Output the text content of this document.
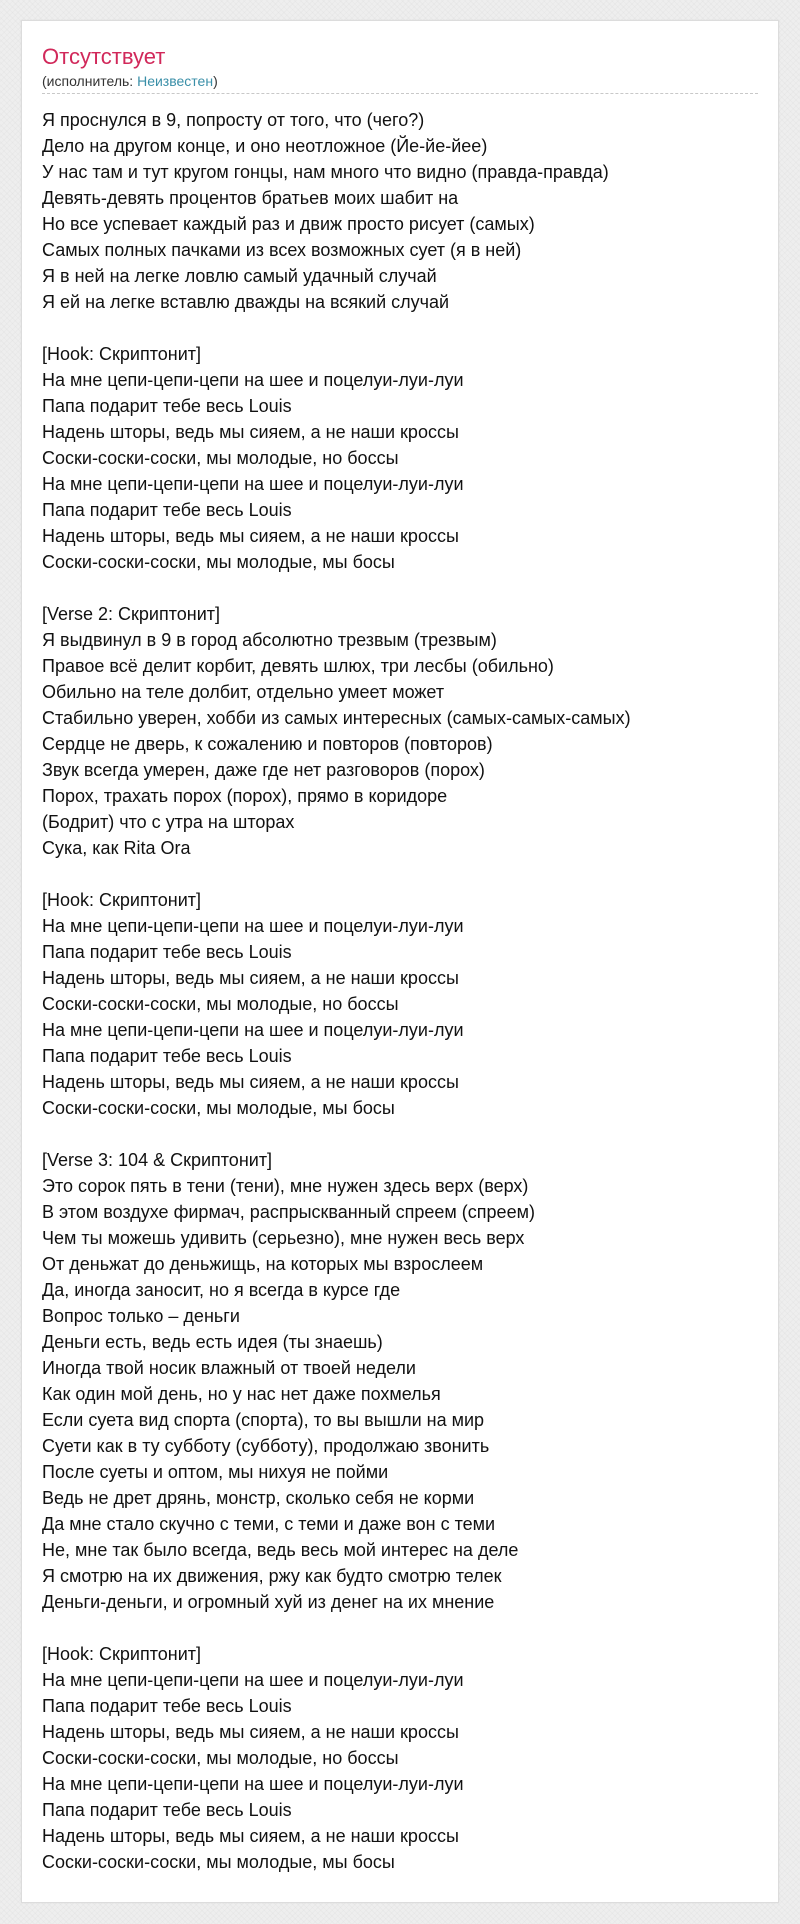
Отсутствует
(исполнитель: Неизвестен)
Я проснулся в 9, попросту от того, что (чего?)
Дело на другом конце, и оно неотложное (Йе-йе-йее)
У нас там и тут кругом гонцы, нам много что видно (правда-правда)
Девять-девять процентов братьев моих шабит на
Но все успевает каждый раз и движ просто рисует (самых)
Самых полных пачками из всех возможных сует (я в ней)
Я в ней на легке ловлю самый удачный случай
Я ей на легке вставлю дважды на всякий случай
[Hook: Скриптонит]
На мне цепи-цепи-цепи на шее и поцелуи-луи-луи
Папа подарит тебе весь Louis
Надень шторы, ведь мы сияем, а не наши кроссы
Соски-соски-соски, мы молодые, но боссы
На мне цепи-цепи-цепи на шее и поцелуи-луи-луи
Папа подарит тебе весь Louis
Надень шторы, ведь мы сияем, а не наши кроссы
Соски-соски-соски, мы молодые, мы босы
[Verse 2: Скриптонит]
Я выдвинул в 9 в город абсолютно трезвым (трезвым)
Правое всё делит корбит, девять шлюх, три лесбы (обильно)
Обильно на теле долбит, отдельно умеет может
Стабильно уверен, хобби из самых интересных (самых-самых-самых)
Сердце не дверь, к сожалению и повторов (повторов)
Звук всегда умерен, даже где нет разговоров (порох)
Порох, трахать порох (порох), прямо в коридоре
(Бодрит) что с утра на шторах
Сука, как Rita Ora
[Hook: Скриптонит]
На мне цепи-цепи-цепи на шее и поцелуи-луи-луи
Папа подарит тебе весь Louis
Надень шторы, ведь мы сияем, а не наши кроссы
Соски-соски-соски, мы молодые, но боссы
На мне цепи-цепи-цепи на шее и поцелуи-луи-луи
Папа подарит тебе весь Louis
Надень шторы, ведь мы сияем, а не наши кроссы
Соски-соски-соски, мы молодые, мы босы
[Verse 3: 104 & Скриптонит]
Это сорок пять в тени (тени), мне нужен здесь верх (верх)
В этом воздухе фирмач, распрыскванный спреем (спреем)
Чем ты можешь удивить (серьезно), мне нужен весь верх
От деньжат до деньжищь, на которых мы взрослеем
Да, иногда заносит, но я всегда в курсе где
Вопрос только – деньги
Деньги есть, ведь есть идея (ты знаешь)
Иногда твой носик влажный от твоей недели
Как один мой день, но у нас нет даже похмелья
Если суета вид спорта (спорта), то вы вышли на мир
Суети как в ту субботу (субботу), продолжаю звонить
После суеты и оптом, мы нихуя не пойми
Ведь не дрет дрянь, монстр, сколько себя не корми
Да мне стало скучно с теми, с теми и даже вон с теми
Не, мне так было всегда, ведь весь мой интерес на деле
Я смотрю на их движения, ржу как будто смотрю телек
Деньги-деньги, и огромный хуй из денег на их мнение
[Hook: Скриптонит]
На мне цепи-цепи-цепи на шее и поцелуи-луи-луи
Папа подарит тебе весь Louis
Надень шторы, ведь мы сияем, а не наши кроссы
Соски-соски-соски, мы молодые, но боссы
На мне цепи-цепи-цепи на шее и поцелуи-луи-луи
Папа подарит тебе весь Louis
Надень шторы, ведь мы сияем, а не наши кроссы
Соски-соски-соски, мы молодые, мы босы
